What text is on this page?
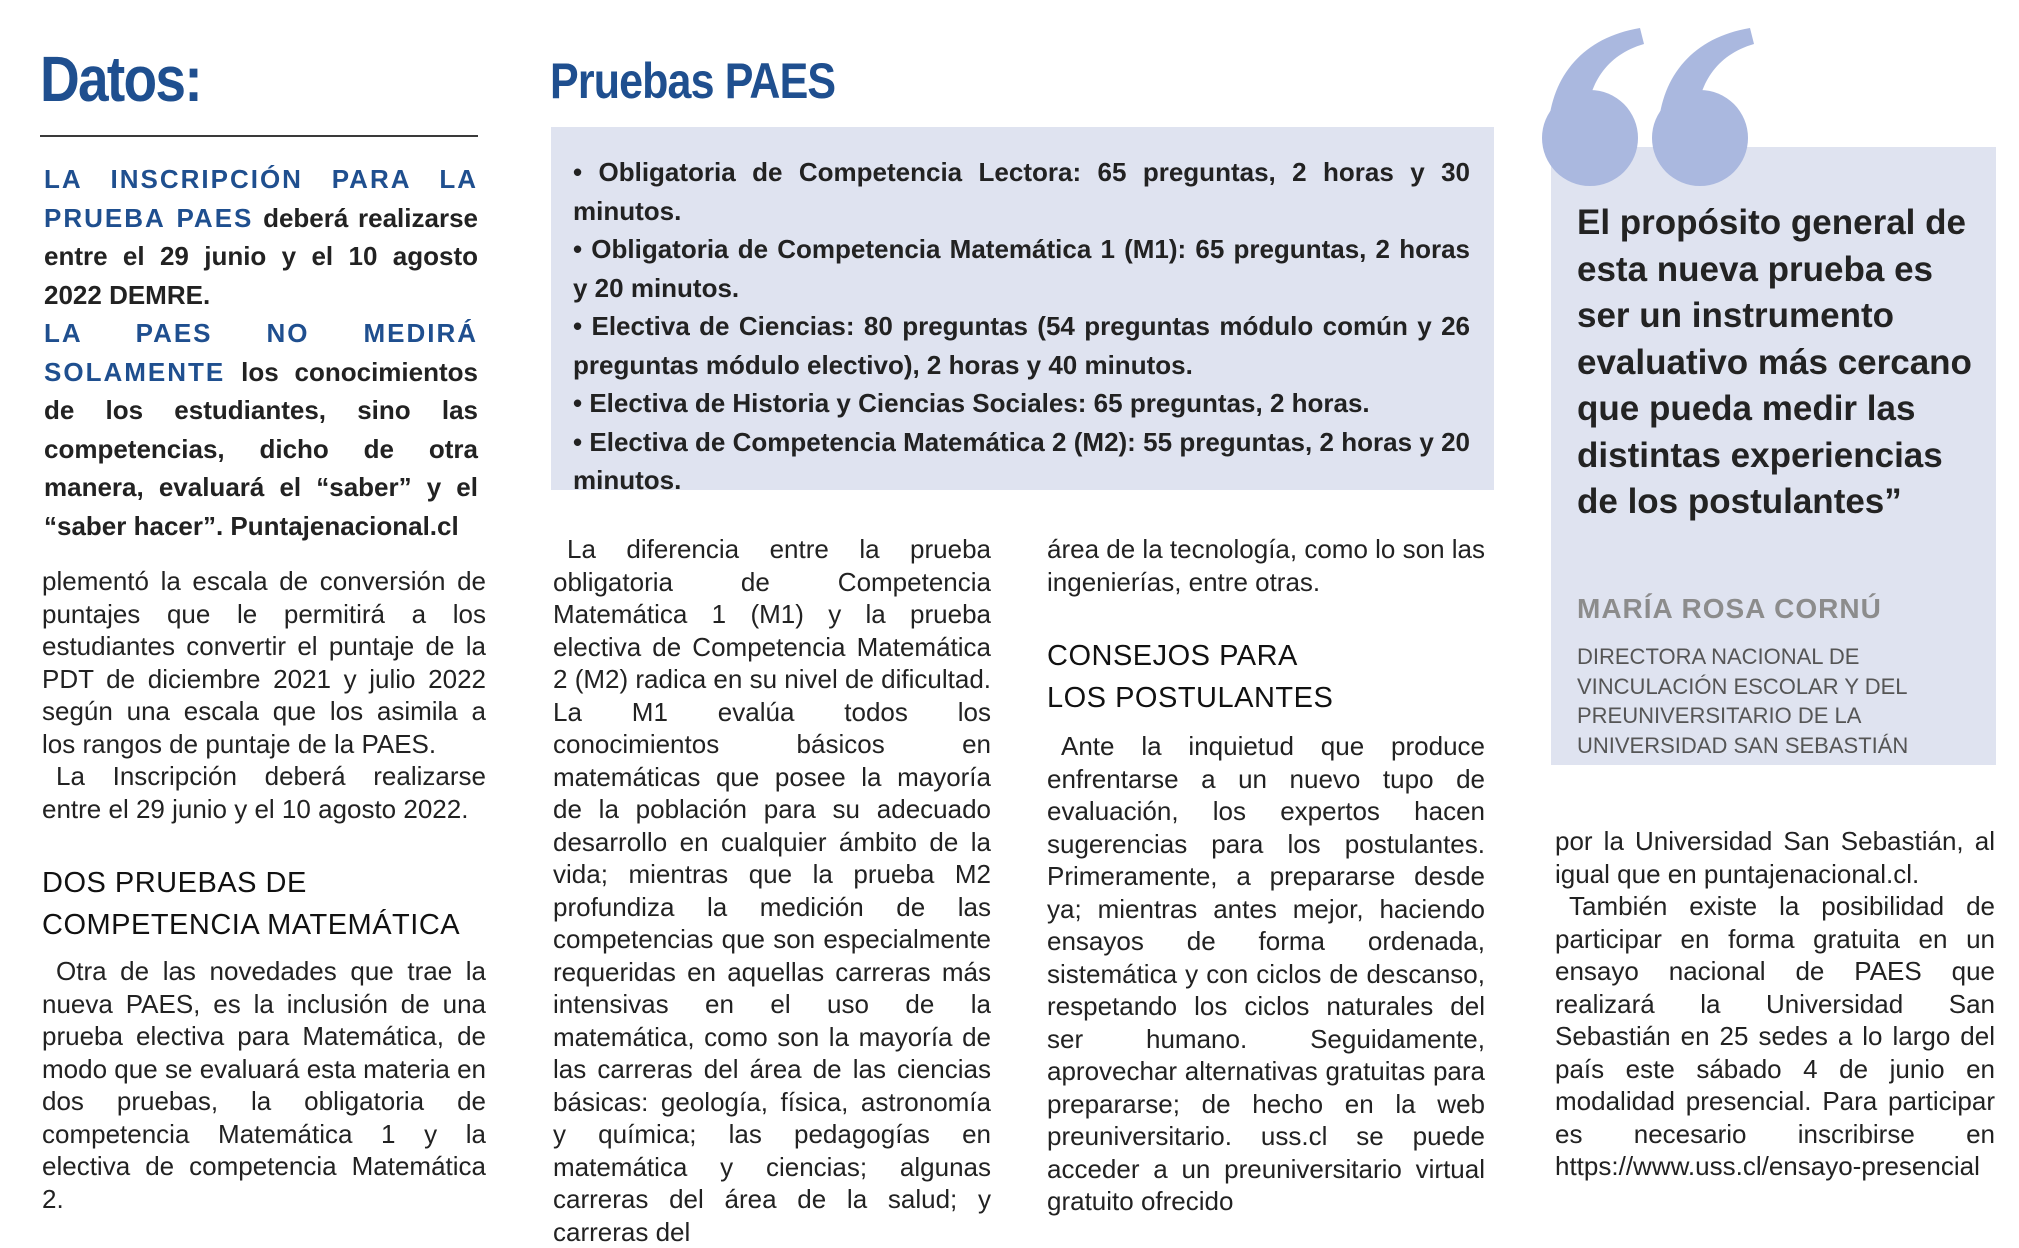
Datos:

LA INSCRIPCIÓN PARA LA PRUEBA PAES deberá realizarse entre el 29 junio y el 10 agosto 2022 DEMRE.

LA PAES NO MEDIRÁ SOLAMENTE los conocimientos de los estudiantes, sino las competencias, dicho de otra manera, evaluará el “saber” y el “saber hacer”. Puntajenacional.cl

Pruebas PAES
• Obligatoria de Competencia Lectora: 65 preguntas, 2 horas y 30 minutos.
• Obligatoria de Competencia Matemática 1 (M1): 65 preguntas, 2 horas y 20 minutos.
• Electiva de Ciencias: 80 preguntas (54 preguntas módulo común y 26 preguntas módulo electivo), 2 horas y 40 minutos.
• Electiva de Historia y Ciencias Sociales: 65 preguntas, 2 horas.
• Electiva de Competencia Matemática 2 (M2): 55 preguntas, 2 horas y 20 minutos.

plementó la escala de conversión de puntajes que le permitirá a los estudiantes convertir el puntaje de la PDT de diciembre 2021 y julio 2022 según una escala que los asimila a los rangos de puntaje de la PAES.

La Inscripción deberá realizarse entre el 29 junio y el 10 agosto 2022.

DOS PRUEBAS DE
COMPETENCIA MATEMÁTICA

Otra de las novedades que trae la nueva PAES, es la inclusión de una prueba electiva para Matemática, de modo que se evaluará esta materia en dos pruebas, la obligatoria de competencia Matemática 1 y la electiva de competencia Matemática 2.

La diferencia entre la prueba obligatoria de Competencia Matemática 1 (M1) y la prueba electiva de Competencia Matemática 2 (M2) radica en su nivel de dificultad. La M1 evalúa todos los conocimientos básicos en matemáticas que posee la mayoría de la población para su adecuado desarrollo en cualquier ámbito de la vida; mientras que la prueba M2 profundiza la medición de las competencias que son especialmente requeridas en aquellas carreras más intensivas en el uso de la matemática, como son la mayoría de las carreras del área de las ciencias básicas: geología, física, astronomía y química; las pedagogías en matemática y ciencias; algunas carreras del área de la salud; y carreras del

área de la tecnología, como lo son las ingenierías, entre otras.

CONSEJOS PARA
LOS POSTULANTES

Ante la inquietud que produce enfrentarse a un nuevo tupo de evaluación, los expertos hacen sugerencias para los postulantes. Primeramente, a prepararse desde ya; mientras antes mejor, haciendo ensayos de forma ordenada, sistemática y con ciclos de descanso, respetando los ciclos naturales del ser humano. Seguidamente, aprovechar alternativas gratuitas para prepararse; de hecho en la web preuniversitario. uss.cl se puede acceder a un preuniversitario virtual gratuito ofrecido

El propósito general de esta nueva prueba es ser un instrumento evaluativo más cercano que pueda medir las distintas experiencias de los postulantes”

MARÍA ROSA CORNÚ

DIRECTORA NACIONAL DE VINCULACIÓN ESCOLAR Y DEL PREUNIVERSITARIO DE LA UNIVERSIDAD SAN SEBASTIÁN

por la Universidad San Sebastián, al igual que en puntajenacional.cl.

También existe la posibilidad de participar en forma gratuita en un ensayo nacional de PAES que realizará la Universidad San Sebastián en 25 sedes a lo largo del país este sábado 4 de junio en modalidad presencial. Para participar es necesario inscribirse en https://www.uss.cl/ensayo-presencial
